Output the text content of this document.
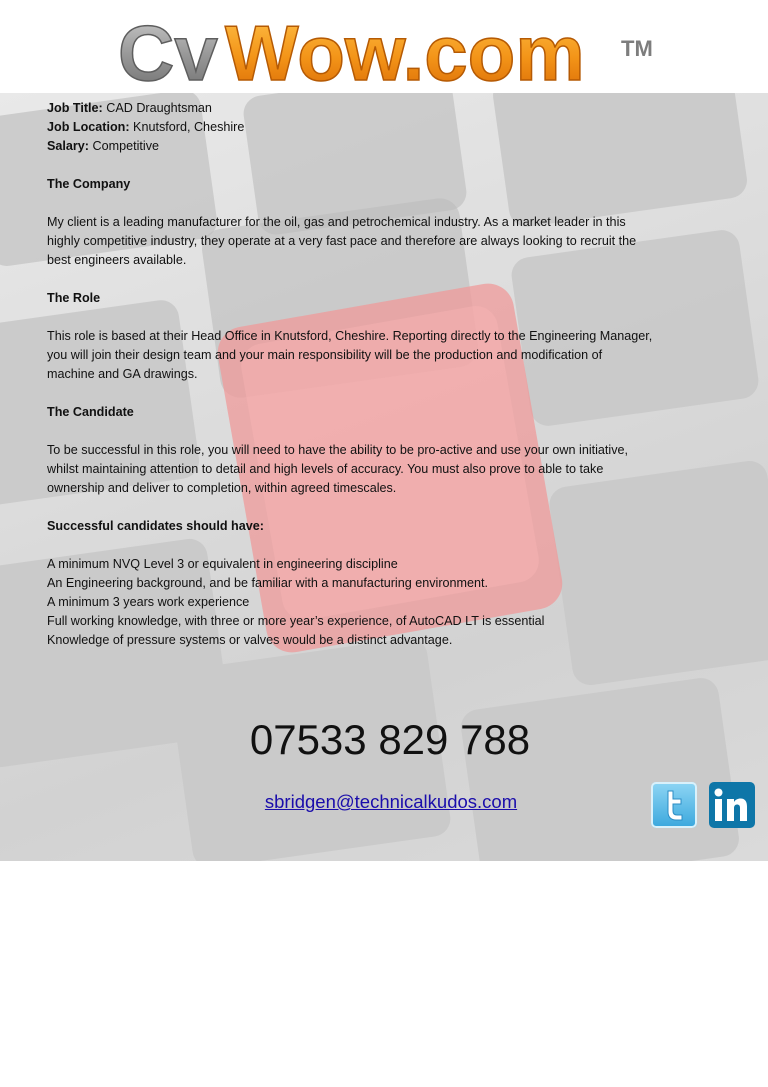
Cv Wow.com TM
Job Title: CAD Draughtsman
Job Location: Knutsford, Cheshire
Salary: Competitive
The Company
My client is a leading manufacturer for the oil, gas and petrochemical industry. As a market leader in this
highly competitive industry, they operate at a very fast pace and therefore are always looking to recruit the
best engineers available.
The Role
This role is based at their Head Office in Knutsford, Cheshire. Reporting directly to the Engineering Manager,
you will join their design team and your main responsibility will be the production and modification of
machine and GA drawings.
The Candidate
To be successful in this role, you will need to have the ability to be pro-active and use your own initiative,
whilst maintaining attention to detail and high levels of accuracy. You must also prove to able to take
ownership and deliver to completion, within agreed timescales.
Successful candidates should have:
A minimum NVQ Level 3 or equivalent in engineering discipline
An Engineering background, and be familiar with a manufacturing environment.
A minimum 3 years work experience
Full working knowledge, with three or more year’s experience, of AutoCAD LT is essential
Knowledge of pressure systems or valves would be a distinct advantage.
07533 829 788
sbridgen@technicalkudos.com
